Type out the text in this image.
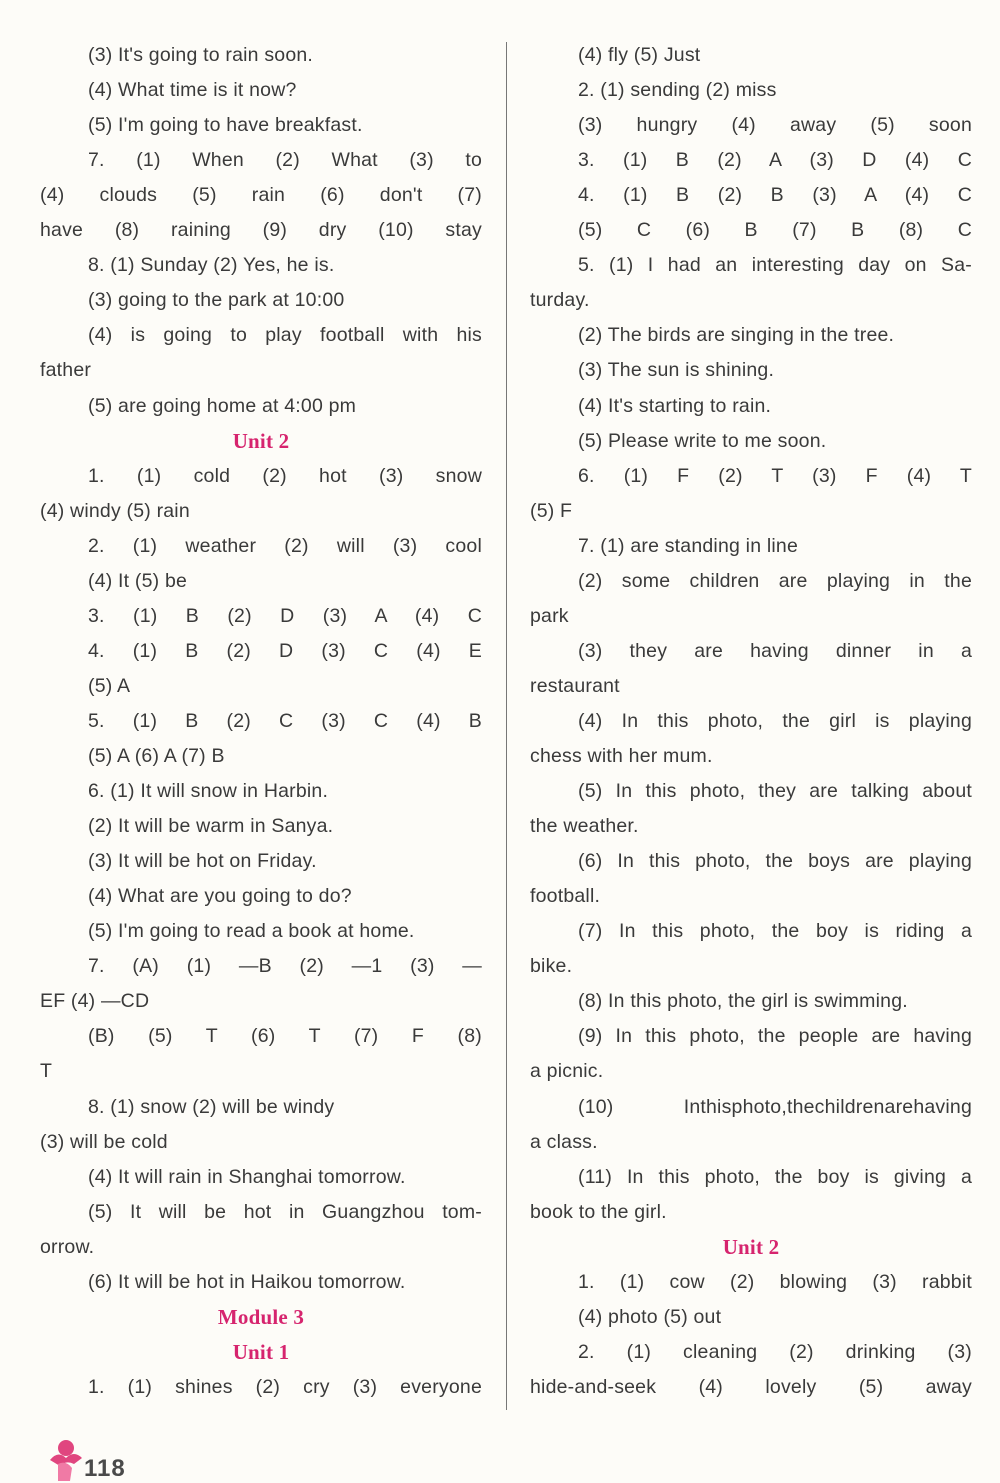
(3) It's going to rain soon.
(4) What time is it now?
(5) I'm going to have breakfast.
7. (1) When (2) What (3) to
(4) clouds (5) rain (6) don't (7)
have (8) raining (9) dry (10) stay
8. (1) Sunday (2) Yes, he is.
(3) going to the park at 10:00
(4) is going to play football with his
father
(5) are going home at 4:00 pm
Unit 2
1. (1) cold (2) hot (3) snow
(4) windy (5) rain
2. (1) weather (2) will (3) cool
(4) It (5) be
3. (1) B (2) D (3) A (4) C
4. (1) B (2) D (3) C (4) E
(5) A
5. (1) B (2) C (3) C (4) B
(5) A (6) A (7) B
6. (1) It will snow in Harbin.
(2) It will be warm in Sanya.
(3) It will be hot on Friday.
(4) What are you going to do?
(5) I'm going to read a book at home.
7. (A) (1) —B (2) —1 (3) —
EF (4) —CD
(B) (5) T (6) T (7) F (8)
T
8. (1) snow (2) will be windy
(3) will be cold
(4) It will rain in Shanghai tomorrow.
(5) It will be hot in Guangzhou tom-
orrow.
(6) It will be hot in Haikou tomorrow.
Module 3
Unit 1
1. (1) shines (2) cry (3) everyone
(4) fly (5) Just
2. (1) sending (2) miss
(3) hungry (4) away (5) soon
3. (1) B (2) A (3) D (4) C
4. (1) B (2) B (3) A (4) C
(5) C (6) B (7) B (8) C
5. (1) I had an interesting day on Sa-
turday.
(2) The birds are singing in the tree.
(3) The sun is shining.
(4) It's starting to rain.
(5) Please write to me soon.
6. (1) F (2) T (3) F (4) T
(5) F
7. (1) are standing in line
(2) some children are playing in the
park
(3) they are having dinner in a
restaurant
(4) In this photo, the girl is playing
chess with her mum.
(5) In this photo, they are talking about
the weather.
(6) In this photo, the boys are playing
football.
(7) In this photo, the boy is riding a
bike.
(8) In this photo, the girl is swimming.
(9) In this photo, the people are having
a picnic.
(10) Inthisphoto,thechildrenarehaving
a class.
(11) In this photo, the boy is giving a
book to the girl.
Unit 2
1. (1) cow (2) blowing (3) rabbit
(4) photo (5) out
2. (1) cleaning (2) drinking (3)
hide-and-seek (4) lovely (5) away
118
